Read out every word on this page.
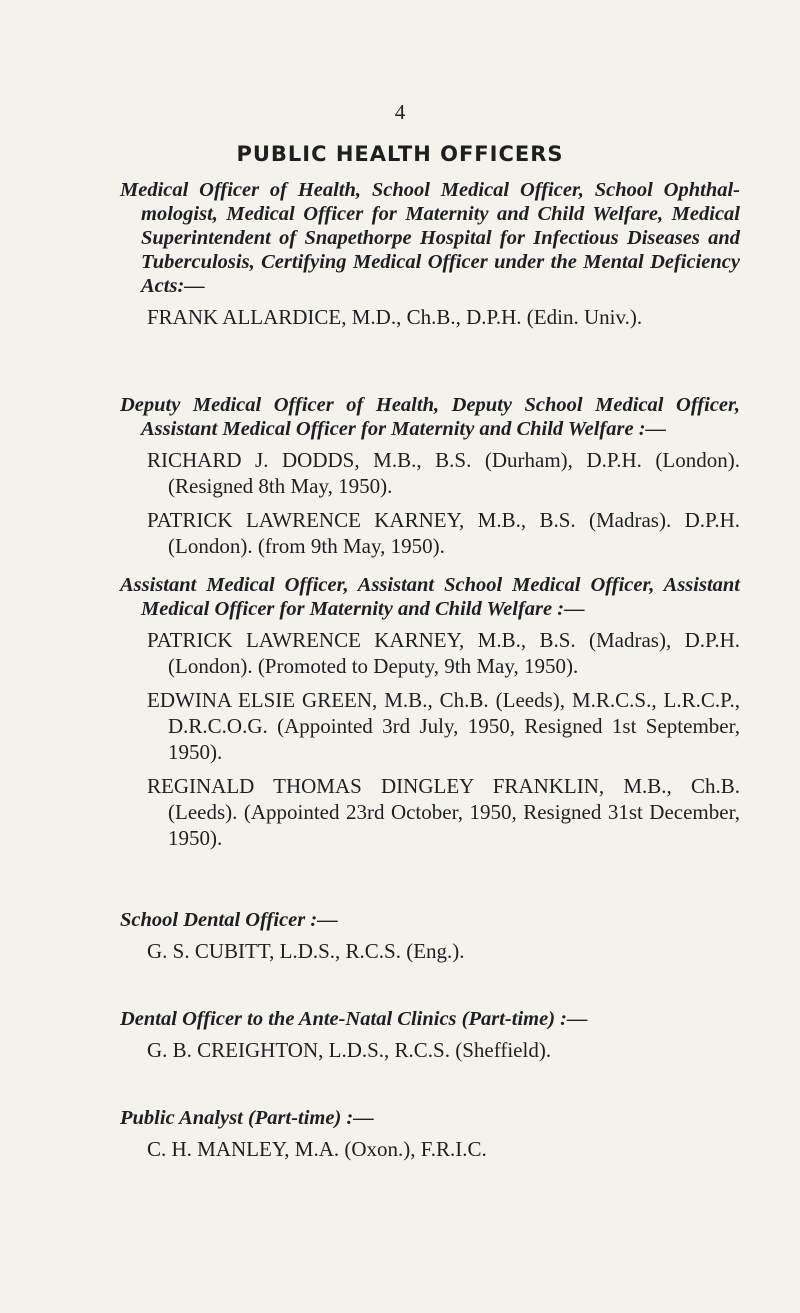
4
PUBLIC HEALTH OFFICERS

Medical Officer of Health, School Medical Officer, School Ophthalmologist, Medical Officer for Maternity and Child Welfare, Medical Superintendent of Snapethorpe Hospital for Infectious Diseases and Tuberculosis, Certifying Medical Officer under the Mental Deficiency Acts:—

FRANK ALLARDICE, M.D., Ch.B., D.P.H. (Edin. Univ.).

Deputy Medical Officer of Health, Deputy School Medical Officer, Assistant Medical Officer for Maternity and Child Welfare :—

RICHARD J. DODDS, M.B., B.S. (Durham), D.P.H. (London). (Resigned 8th May, 1950).

PATRICK LAWRENCE KARNEY, M.B., B.S. (Madras). D.P.H. (London). (from 9th May, 1950).

Assistant Medical Officer, Assistant School Medical Officer, Assistant Medical Officer for Maternity and Child Welfare :—

PATRICK LAWRENCE KARNEY, M.B., B.S. (Madras), D.P.H. (London). (Promoted to Deputy, 9th May, 1950).

EDWINA ELSIE GREEN, M.B., Ch.B. (Leeds), M.R.C.S., L.R.C.P., D.R.C.O.G. (Appointed 3rd July, 1950, Resigned 1st September, 1950).

REGINALD THOMAS DINGLEY FRANKLIN, M.B., Ch.B. (Leeds). (Appointed 23rd October, 1950, Resigned 31st December, 1950).

School Dental Officer :—

G. S. CUBITT, L.D.S., R.C.S. (Eng.).

Dental Officer to the Ante-Natal Clinics (Part-time) :—

G. B. CREIGHTON, L.D.S., R.C.S. (Sheffield).

Public Analyst (Part-time) :—

C. H. MANLEY, M.A. (Oxon.), F.R.I.C.
